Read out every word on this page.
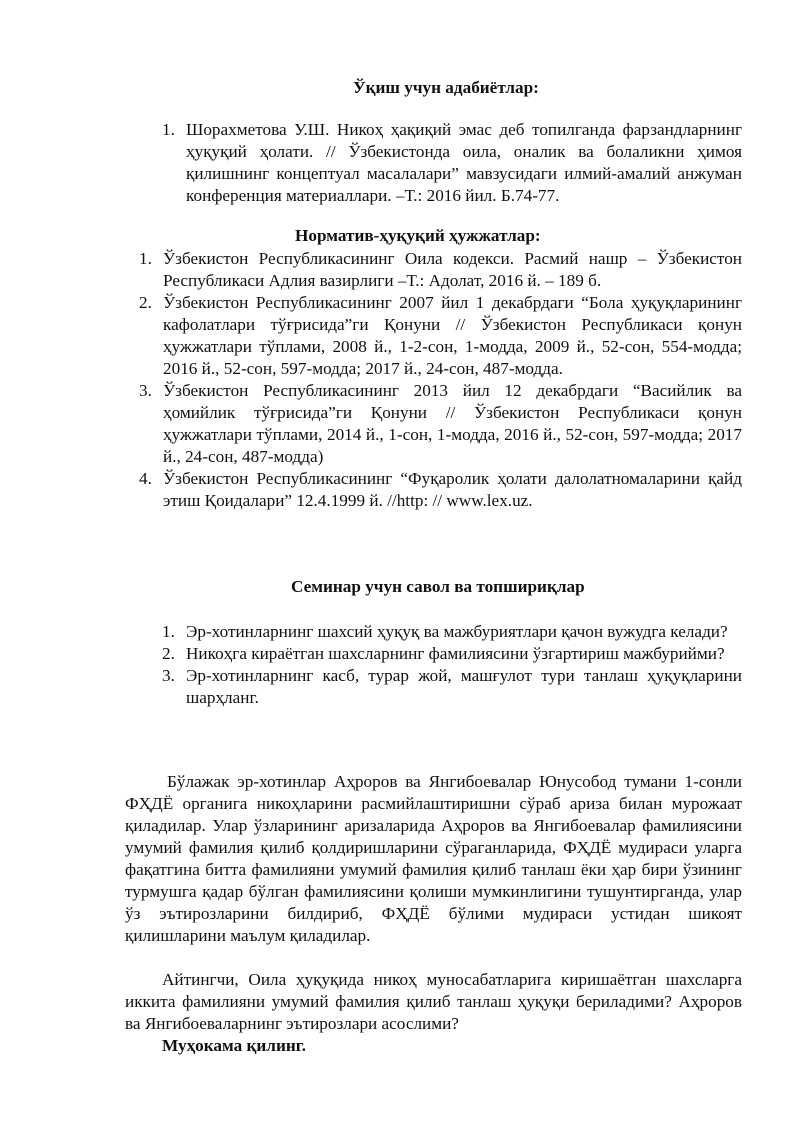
Ўқиш учун адабиётлар:
1. Шорахметова У.Ш. Никоҳ ҳақиқий эмас деб топилганда фарзандларнинг ҳуқуқий ҳолати. // Ўзбекистонда оила, оналик ва болаликни ҳимоя қилишнинг концептуал масалалари” мавзусидаги илмий-амалий анжуман конференция материаллари. –Т.: 2016 йил. Б.74-77.
Норматив-ҳуқуқий ҳужжатлар:
1. Ўзбекистон Республикасининг Оила кодекси. Расмий нашр – Ўзбекистон Республикаси Адлия вазирлиги –Т.: Адолат, 2016 й. – 189 б.
2. Ўзбекистон Республикасининг 2007 йил 1 декабрдаги “Бола ҳуқуқларининг кафолатлари тўғрисида”ги Қонуни // Ўзбекистон Республикаси қонун ҳужжатлари тўплами, 2008 й., 1-2-сон, 1-модда, 2009 й., 52-сон, 554-модда; 2016 й., 52-сон, 597-модда; 2017 й., 24-сон, 487-модда.
3. Ўзбекистон Республикасининг 2013 йил 12 декабрдаги “Васийлик ва ҳомийлик тўғрисида”ги Қонуни // Ўзбекистон Республикаси қонун ҳужжатлари тўплами, 2014 й., 1-сон, 1-модда, 2016 й., 52-сон, 597-модда; 2017 й., 24-сон, 487-модда)
4. Ўзбекистон Республикасининг “Фуқаролик ҳолати далолатномаларини қайд этиш Қоидалари” 12.4.1999 й. //http: // www.lex.uz.
Семинар учун савол ва топшириқлар
1. Эр-хотинларнинг шахсий ҳуқуқ ва мажбуриятлари қачон вужудга келади?
2. Никоҳга кираётган шахсларнинг фамилиясини ўзгартириш мажбурийми?
3. Эр-хотинларнинг касб, турар жой, машғулот тури танлаш ҳуқуқларини шарҳланг.

Бўлажак эр-хотинлар Аҳроров ва Янгибоевалар Юнусобод тумани 1-сонли ФҲДЁ органига никоҳларини расмийлаштиришни сўраб ариза билан мурожаат қиладилар. Улар ўзларининг аризаларида Аҳроров ва Янгибоевалар фамилиясини умумий фамилия қилиб қолдиришларини сўраганларида, ФҲДЁ мудираси уларга фақатгина битта фамилияни умумий фамилия қилиб танлаш ёки ҳар бири ўзининг турмушга қадар бўлган фамилиясини қолиши мумкинлигини тушунтирганда, улар ўз эътирозларини билдириб, ФҲДЁ бўлими мудираси устидан шикоят қилишларини маълум қиладилар.

Айтингчи, Оила ҳуқуқида никоҳ муносабатларига киришаётган шахсларга иккита фамилияни умумий фамилия қилиб танлаш ҳуқуқи бериладими? Аҳроров ва Янгибоеваларнинг эътирозлари асослими?

Муҳокама қилинг.
